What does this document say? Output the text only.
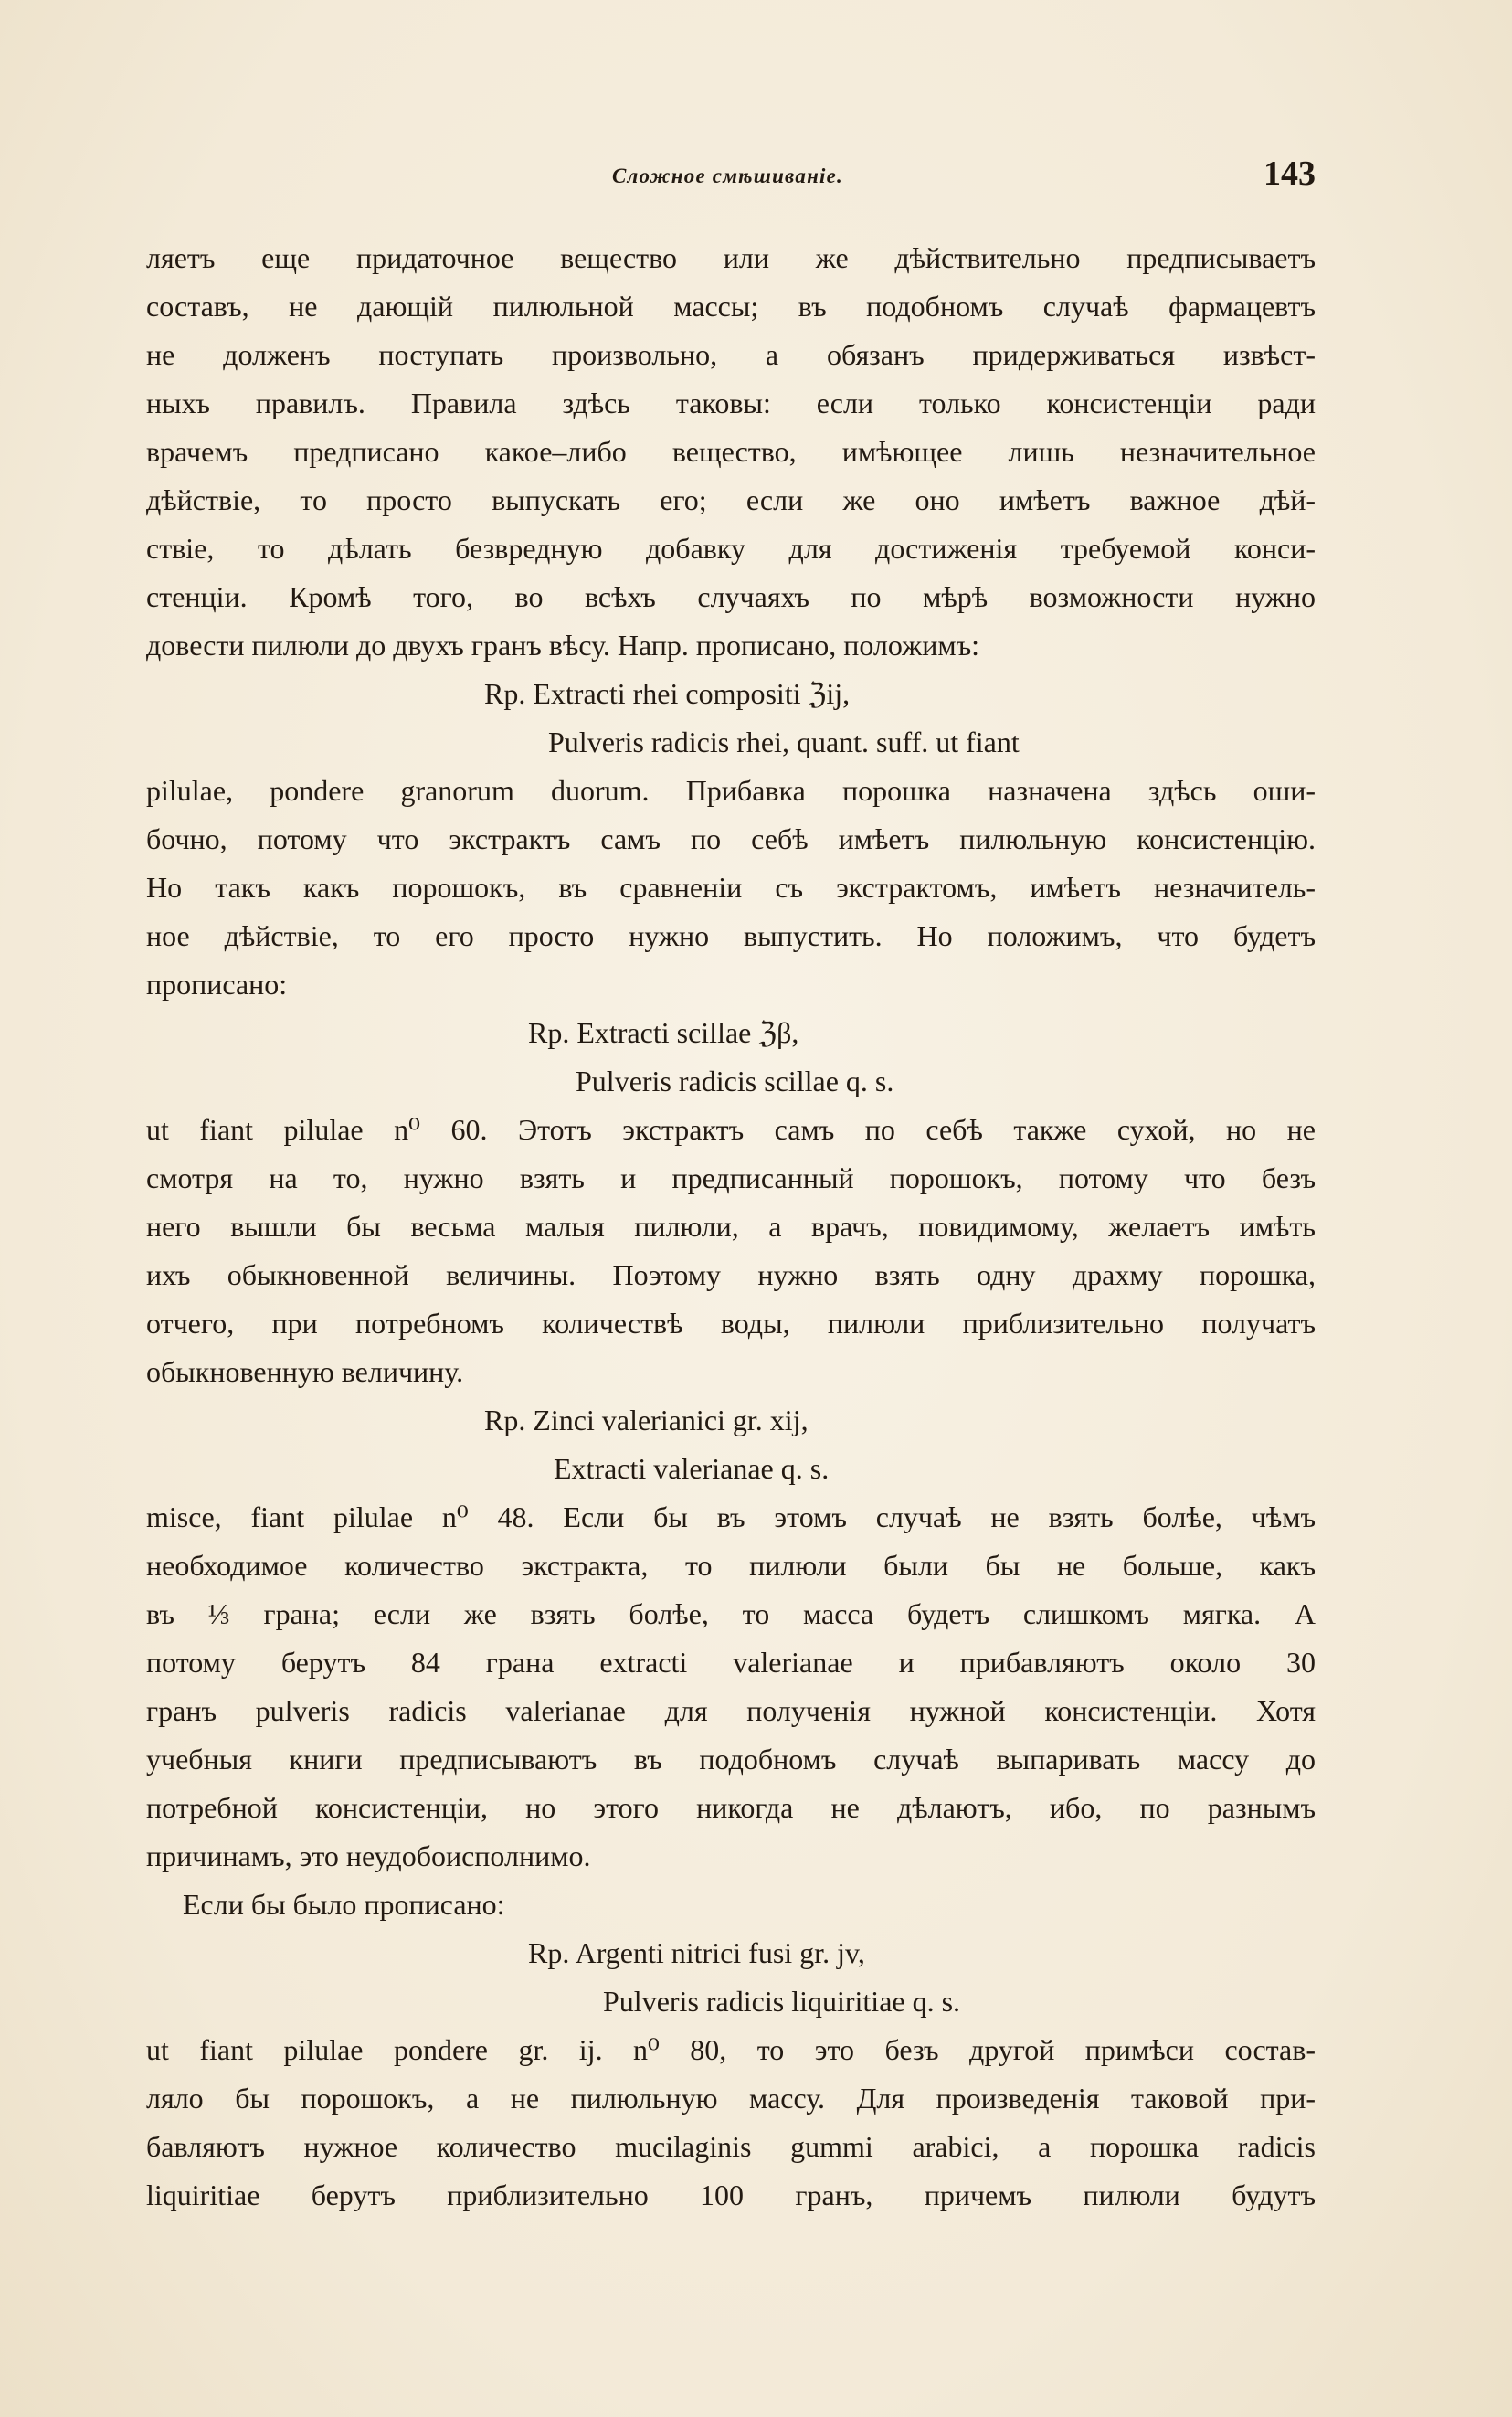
Сложное смѣшиваніе.	143
ляетъ еще придаточное вещество или же дѣйствительно предписываетъ
составъ, не дающій пилюльной массы; въ подобномъ случаѣ фармацевтъ
не долженъ поступать произвольно, а обязанъ придерживаться извѣст-
ныхъ правилъ. Правила здѣсь таковы: если только консистенціи ради
врачемъ предписано какое–либо вещество, имѣющее лишь незначительное
дѣйствіе, то просто выпускать его; если же оно имѣетъ важное дѣй-
ствіе, то дѣлать безвредную добавку для достиженія требуемой конси-
стенціи. Кромѣ того, во всѣхъ случаяхъ по мѣрѣ возможности нужно
довести пилюли до двухъ гранъ вѣсу. Напр. прописано, положимъ:
Rp. Extracti rhei compositi ℨij,
Pulveris radicis rhei, quant. suff. ut fiant
pilulae, pondere granorum duorum. Прибавка порошка назначена здѣсь оши-
бочно, потому что экстрактъ самъ по себѣ имѣетъ пилюльную консистенцію.
Но такъ какъ порошокъ, въ сравненіи съ экстрактомъ, имѣетъ незначитель-
ное дѣйствіе, то его просто нужно выпустить. Но положимъ, что будетъ
прописано:
Rp. Extracti scillae ℨβ,
Pulveris radicis scillae q. s.
ut fiant pilulae n⁰ 60. Этотъ экстрактъ самъ по себѣ также сухой, но не
смотря на то, нужно взять и предписанный порошокъ, потому что безъ
него вышли бы весьма малыя пилюли, а врачъ, повидимому, желаетъ имѣть
ихъ обыкновенной величины. Поэтому нужно взять одну драхму порошка,
отчего, при потребномъ количествѣ воды, пилюли приблизительно получатъ
обыкновенную величину.
Rp. Zinci valerianici gr. xij,
Extracti valerianae q. s.
misce, fiant pilulae n⁰ 48. Если бы въ этомъ случаѣ не взять болѣе, чѣмъ
необходимое количество экстракта, то пилюли были бы не больше, какъ
въ ⅓ грана; если же взять болѣе, то масса будетъ слишкомъ мягка. А
потому берутъ 84 грана extracti valerianae и прибавляютъ около 30
гранъ pulveris radicis valerianae для полученія нужной консистенціи. Хотя
учебныя книги предписываютъ въ подобномъ случаѣ выпаривать массу до
потребной консистенціи, но этого никогда не дѣлаютъ, ибо, по разнымъ
причинамъ, это неудобоисполнимо.
Если бы было прописано:
Rp. Argenti nitrici fusi gr. jv,
Pulveris radicis liquiritiae q. s.
ut fiant pilulae pondere gr. ij. n⁰ 80, то это безъ другой примѣси состав-
ляло бы порошокъ, а не пилюльную массу. Для произведенія таковой при-
бавляютъ нужное количество mucilaginis gummi arabici, а порошка radicis
liquiritiae берутъ приблизительно 100 гранъ, причемъ пилюли будутъ
